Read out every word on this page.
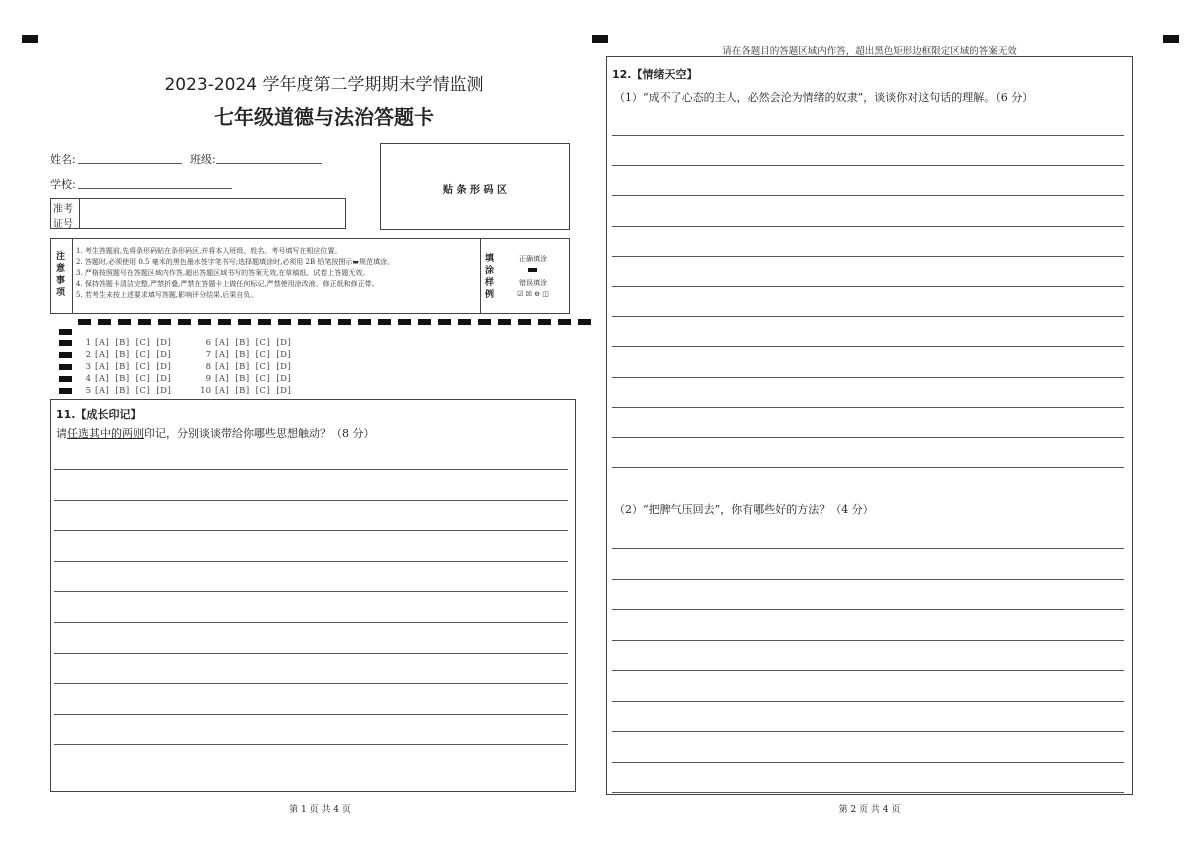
2023-2024 学年度第二学期期末学情监测
七年级道德与法治答题卡
姓名:	班级:
学校:
准考
证号
贴 条 形 码 区
注
意
事
项
1. 考生答题前,先将条形码贴在条形码区,并将本人班级、姓名、考号填写在相应位置。
2. 答题时,必须使用 0.5 毫米的黑色墨水签字笔书写;选择题填涂时,必须用 2B 铅笔按图示▬规范填涂。
3. 严格按照题号在答题区域内作答,超出答题区域书写的答案无效,在草稿纸、试卷上答题无效。
4. 保持答题卡清洁完整,严禁折叠,严禁在答题卡上做任何标记,严禁使用涂改液、修正纸和修正带。
5. 若考生未按上述要求填写答题,影响评分结果,后果自负。
填
涂
样
例
正确填涂
错误填涂
☑ ☒ ⊖ ◫
1 [A] [B] [C] [D]	6 [A] [B] [C] [D]
2 [A] [B] [C] [D]	7 [A] [B] [C] [D]
3 [A] [B] [C] [D]	8 [A] [B] [C] [D]
4 [A] [B] [C] [D]	9 [A] [B] [C] [D]
5 [A] [B] [C] [D]	10 [A] [B] [C] [D]
11.【成长印记】
请任选其中的两则印记，分别谈谈带给你哪些思想触动？（8 分）
第 1 页 共 4 页
请在各题目的答题区域内作答，超出黑色矩形边框限定区域的答案无效
12.【情绪天空】
（1）“成不了心态的主人，必然会沦为情绪的奴隶”，谈谈你对这句话的理解。（6 分）
（2）“把脾气压回去”，你有哪些好的方法？（4 分）
第 2 页 共 4 页
